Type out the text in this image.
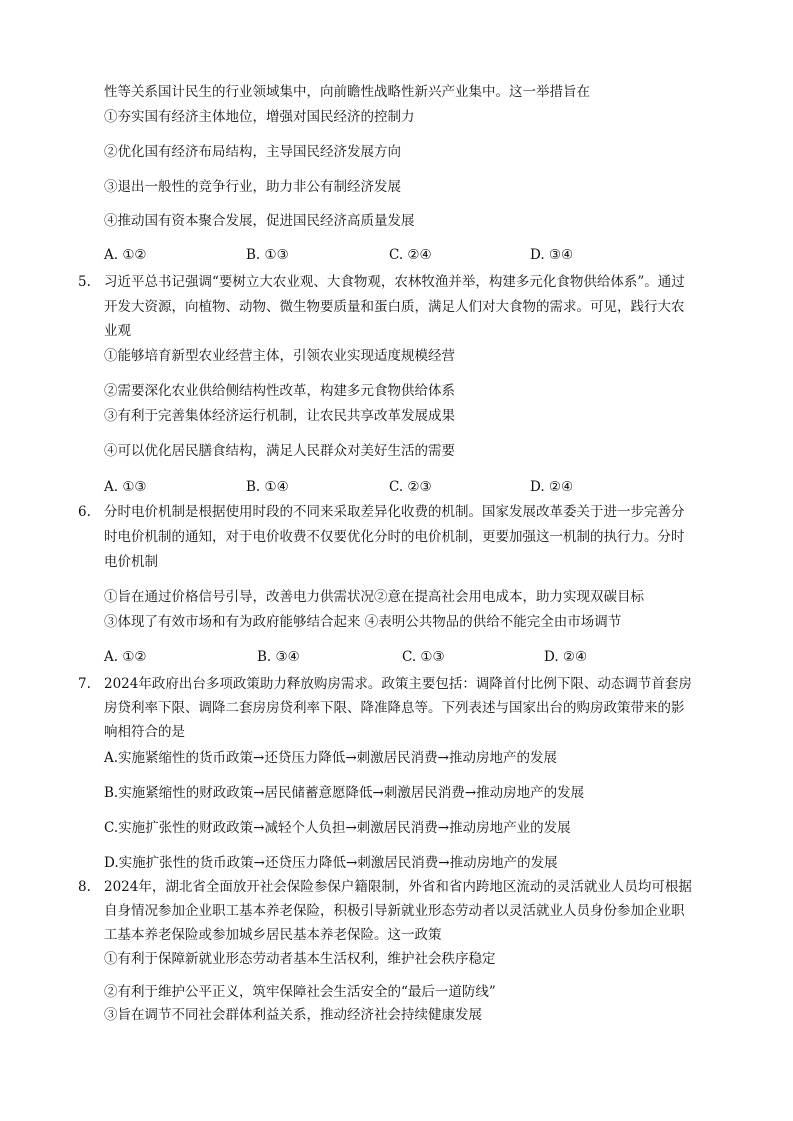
性等关系国计民生的行业领域集中，向前瞻性战略性新兴产业集中。这一举措旨在
①夯实国有经济主体地位，增强对国民经济的控制力
②优化国有经济布局结构，主导国民经济发展方向
③退出一般性的竞争行业，助力非公有制经济发展
④推动国有资本聚合发展，促进国民经济高质量发展
A. ①②	B. ①③	C. ②④	D. ③④
5. 习近平总书记强调“要树立大农业观、大食物观，农林牧渔并举，构建多元化食物供给体系”。通过
开发大资源，向植物、动物、微生物要质量和蛋白质，满足人们对大食物的需求。可见，践行大农
业观
①能够培育新型农业经营主体，引领农业实现适度规模经营
②需要深化农业供给侧结构性改革，构建多元食物供给体系
③有利于完善集体经济运行机制，让农民共享改革发展成果
④可以优化居民膳食结构，满足人民群众对美好生活的需要
A. ①③	B. ①④	C. ②③	D. ②④
6. 分时电价机制是根据使用时段的不同来采取差异化收费的机制。国家发展改革委关于进一步完善分
时电价机制的通知，对于电价收费不仅要优化分时的电价机制，更要加强这一机制的执行力。分时
电价机制
①旨在通过价格信号引导，改善电力供需状况②意在提高社会用电成本，助力实现双碳目标
③体现了有效市场和有为政府能够结合起来 ④表明公共物品的供给不能完全由市场调节
A. ①②	B. ③④	C. ①③	D. ②④
7. 2024年政府出台多项政策助力释放购房需求。政策主要包括：调降首付比例下限、动态调节首套房
房贷利率下限、调降二套房房贷利率下限、降准降息等。下列表述与国家出台的购房政策带来的影
响相符合的是
A.实施紧缩性的货币政策→还贷压力降低→刺激居民消费→推动房地产的发展
B.实施紧缩性的财政政策→居民储蓄意愿降低→刺激居民消费→推动房地产的发展
C.实施扩张性的财政政策→减轻个人负担→刺激居民消费→推动房地产业的发展
D.实施扩张性的货币政策→还贷压力降低→刺激居民消费→推动房地产的发展
8. 2024年，湖北省全面放开社会保险参保户籍限制，外省和省内跨地区流动的灵活就业人员均可根据
自身情况参加企业职工基本养老保险，积极引导新就业形态劳动者以灵活就业人员身份参加企业职
工基本养老保险或参加城乡居民基本养老保险。这一政策
①有利于保障新就业形态劳动者基本生活权利，维护社会秩序稳定
②有利于维护公平正义，筑牢保障社会生活安全的“最后一道防线”
③旨在调节不同社会群体利益关系，推动经济社会持续健康发展
